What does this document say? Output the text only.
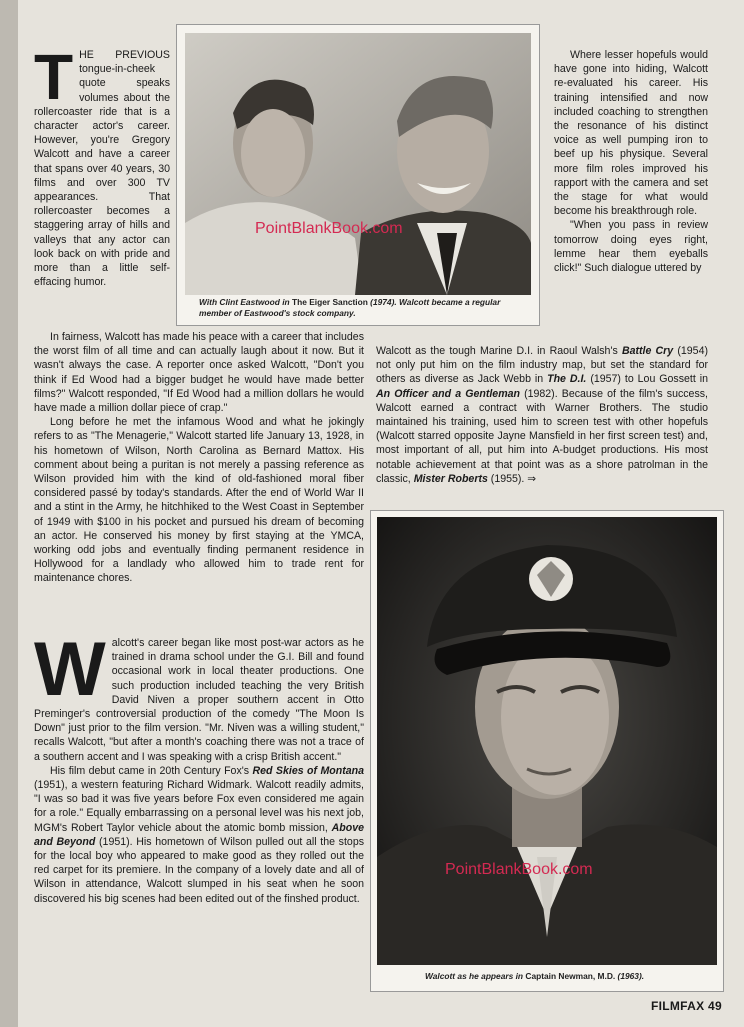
T HE PREVIOUS tongue-in-cheek quote speaks volumes about the rollercoaster ride that is a character actor's career. However, you're Gregory Walcott and have a career that spans over 40 years, 30 films and over 300 TV appearances. That rollercoaster becomes a staggering array of hills and valleys that any actor can look back on with pride and more than a little self-effacing humor.
PointBlankBook.com
With Clint Eastwood in The Eiger Sanction (1974). Walcott became a regular member of Eastwood's stock company.

Where lesser hopefuls would have gone into hiding, Walcott re-evaluated his career. His training intensified and now included coaching to strengthen the resonance of his distinct voice as well pumping iron to beef up his physique. Several more film roles improved his rapport with the camera and set the stage for what would become his breakthrough role.

"When you pass in review tomorrow doing eyes right, lemme hear them eyeballs click!" Such dialogue uttered by

In fairness, Walcott has made his peace with a career that includes the worst film of all time and can actually laugh about it now. But it wasn't always the case. A reporter once asked Walcott, "Don't you think if Ed Wood had a bigger budget he would have made better films?" Walcott responded, "If Ed Wood had a million dollars he would have made a million dollar piece of crap."

Long before he met the infamous Wood and what he jokingly refers to as "The Menagerie," Walcott started life January 13, 1928, in his hometown of Wilson, North Carolina as Bernard Mattox. His comment about being a puritan is not merely a passing reference as Wilson provided him with the kind of old-fashioned moral fiber considered passé by today's standards. After the end of World War II and a stint in the Army, he hitchhiked to the West Coast in September of 1949 with $100 in his pocket and pursued his dream of becoming an actor. He conserved his money by first staying at the YMCA, working odd jobs and eventually finding permanent residence in Hollywood for a landlady who allowed him to trade rent for maintenance chores.

Walcott as the tough Marine D.I. in Raoul Walsh's Battle Cry (1954) not only put him on the film industry map, but set the standard for others as diverse as Jack Webb in The D.I. (1957) to Lou Gossett in An Officer and a Gentleman (1982). Because of the film's success, Walcott earned a contract with Warner Brothers. The studio maintained his training, used him to screen test with other hopefuls (Walcott starred opposite Jayne Mansfield in her first screen test) and, most important of all, put him into A-budget productions. His most notable achievement at that point was as a shore patrolman in the classic, Mister Roberts (1955). ⇒

W alcott's career began like most post-war actors as he trained in drama school under the G.I. Bill and found occasional work in local theater productions. One such production included teaching the very British David Niven a proper southern accent in Otto Preminger's controversial production of the comedy "The Moon Is Down" just prior to the film version. "Mr. Niven was a willing student," recalls Walcott, "but after a month's coaching there was not a trace of a southern accent and I was speaking with a crisp British accent."

His film debut came in 20th Century Fox's Red Skies of Montana (1951), a western featuring Richard Widmark. Walcott readily admits, "I was so bad it was five years before Fox even considered me again for a role." Equally embarrassing on a personal level was his next job, MGM's Robert Taylor vehicle about the atomic bomb mission, Above and Beyond (1951). His hometown of Wilson pulled out all the stops for the local boy who appeared to make good as they rolled out the red carpet for its premiere. In the company of a lovely date and all of Wilson in attendance, Walcott slumped in his seat when he soon discovered his big scenes had been edited out of the finshed product.

PointBlankBook.com
Walcott as he appears in Captain Newman, M.D. (1963).
FILMFAX 49
